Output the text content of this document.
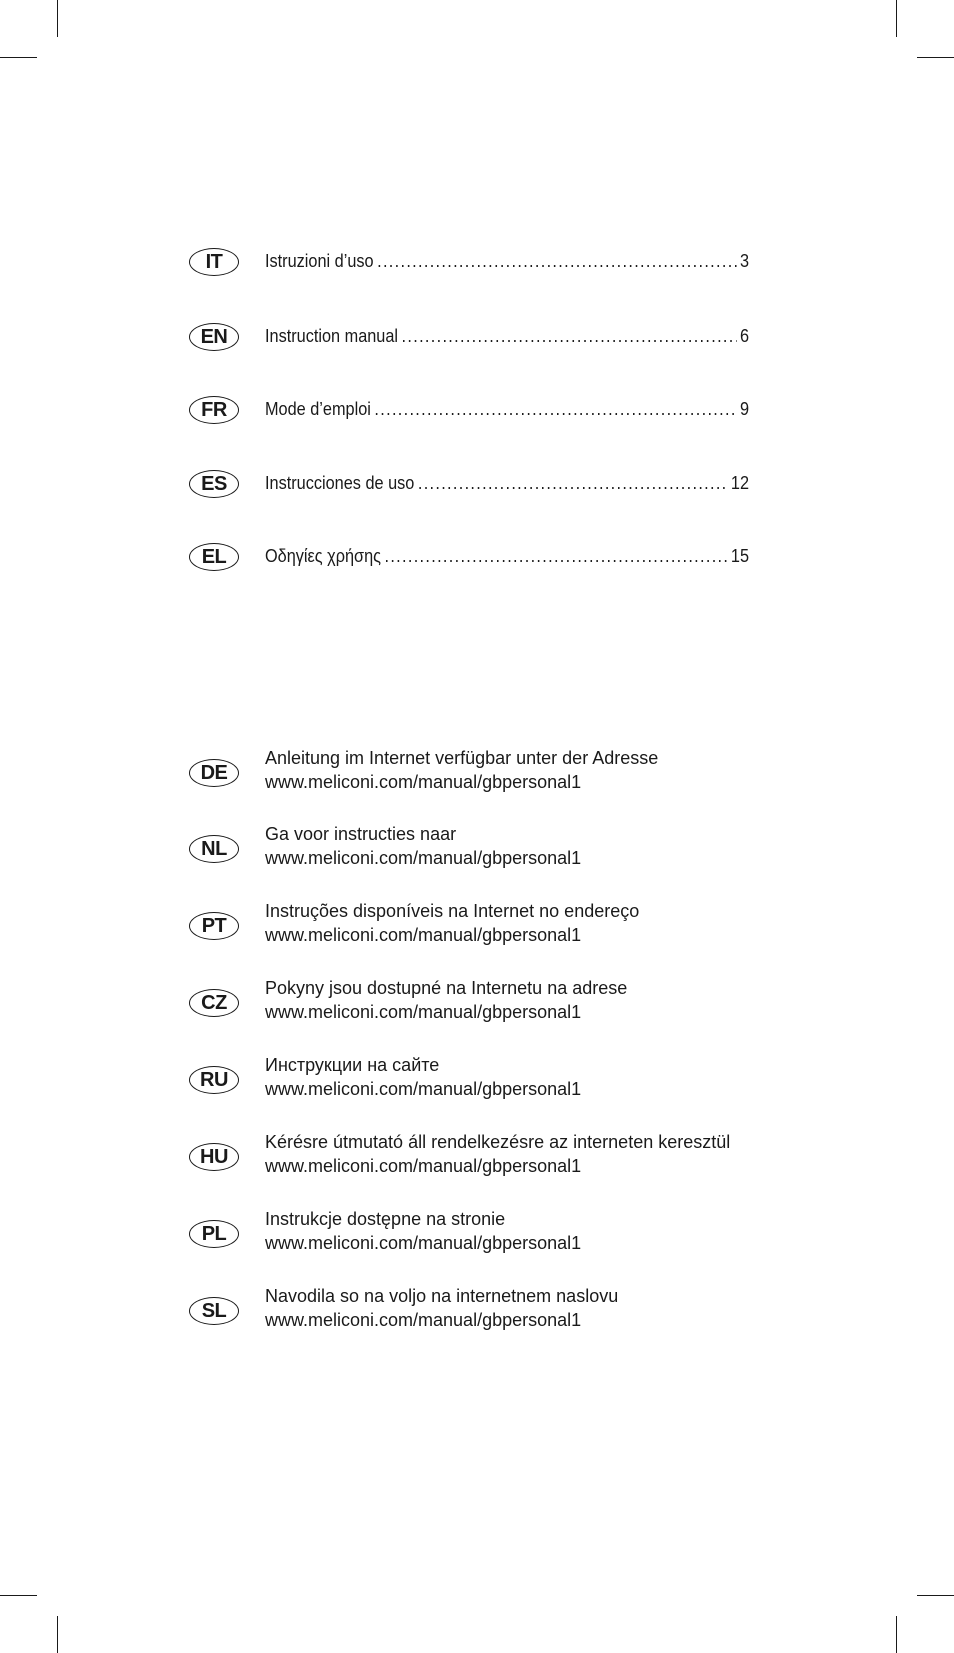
IT	Istruzioni d’uso .....	3
EN	Instruction manual .....	6
FR	Mode d’emploi .....	9
ES	Instrucciones de uso .....	12
EL	Οδηγίες χρήσης .....	15
DE
Anleitung im Internet verfügbar unter der Adresse
www.meliconi.com/manual/gbpersonal1
NL
Ga voor instructies naar
www.meliconi.com/manual/gbpersonal1
PT
Instruções disponíveis na Internet no endereço
www.meliconi.com/manual/gbpersonal1
CZ
Pokyny jsou dostupné na Internetu na adrese
www.meliconi.com/manual/gbpersonal1
RU
Инструкции на сайте
www.meliconi.com/manual/gbpersonal1
HU
Kérésre útmutató áll rendelkezésre az interneten keresztül
www.meliconi.com/manual/gbpersonal1
PL
Instrukcje dostępne na stronie
www.meliconi.com/manual/gbpersonal1
SL
Navodila so na voljo na internetnem naslovu
www.meliconi.com/manual/gbpersonal1
